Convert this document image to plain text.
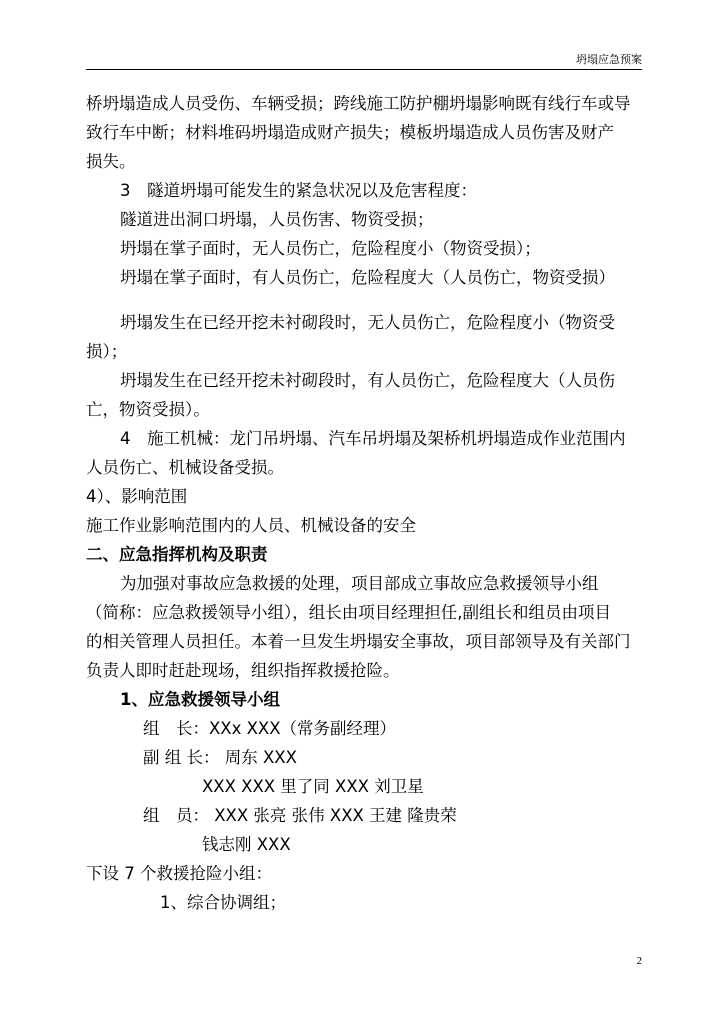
坍塌应急预案

桥坍塌造成人员受伤、车辆受损；跨线施工防护棚坍塌影响既有线行车或导

致行车中断；材料堆码坍塌造成财产损失；模板坍塌造成人员伤害及财产

损失。

3　隧道坍塌可能发生的紧急状况以及危害程度：

隧道进出洞口坍塌，人员伤害、物资受损；

坍塌在掌子面时，无人员伤亡，危险程度小（物资受损）；

坍塌在掌子面时，有人员伤亡，危险程度大（人员伤亡，物资受损）

坍塌发生在已经开挖未衬砌段时，无人员伤亡，危险程度小（物资受

损）；

坍塌发生在已经开挖未衬砌段时，有人员伤亡，危险程度大（人员伤

亡，物资受损）。

4　施工机械：龙门吊坍塌、汽车吊坍塌及架桥机坍塌造成作业范围内

人员伤亡、机械设备受损。

4）、影响范围

施工作业影响范围内的人员、机械设备的安全

二、应急指挥机构及职责

为加强对事故应急救援的处理，项目部成立事故应急救援领导小组

（简称：应急救援领导小组），组长由项目经理担任,副组长和组员由项目

的相关管理人员担任。本着一旦发生坍塌安全事故，项目部领导及有关部门

负责人即时赶赴现场，组织指挥救援抢险。

1、应急救援领导小组

组　长：XXx XXX（常务副经理）

副 组 长： 周东 XXX

XXX XXX 里了同 XXX 刘卫星

组　员： XXX 张亮 张伟 XXX 王建 隆贵荣

钱志刚 XXX

下设 7 个救援抢险小组：

1、综合协调组；

2
